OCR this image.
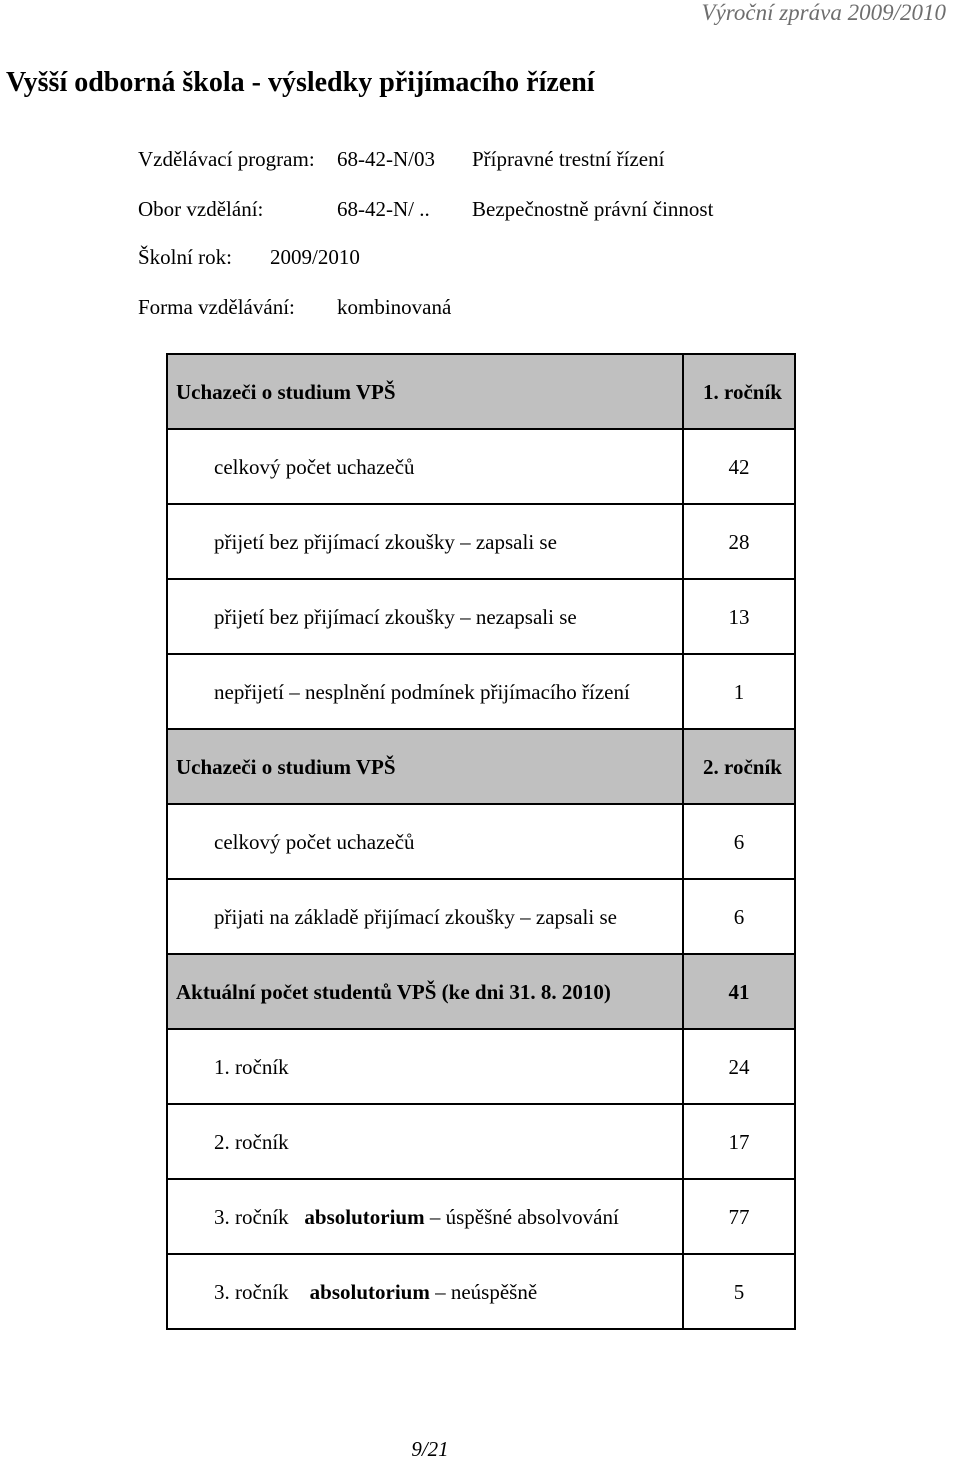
Výroční zpráva 2009/2010
Vyšší odborná škola - výsledky přijímacího řízení
Vzdělávací program: 68-42-N/03 Přípravné trestní řízení
Obor vzdělání:	68-42-N/ .. Bezpečnostně právní činnost
Školní rok: 2009/2010
Forma vzdělávání: kombinovaná
Uchazeči o studium VPŠ	1. ročník
celkový počet uchazečů	42
přijetí bez přijímací zkoušky – zapsali se	28
přijetí bez přijímací zkoušky – nezapsali se	13
nepřijetí – nesplnění podmínek přijímacího řízení	1
Uchazeči o studium VPŠ	2. ročník
celkový počet uchazečů	6
přijati na základě přijímací zkoušky – zapsali se	6
Aktuální počet studentů VPŠ (ke dni 31. 8. 2010)	41
1. ročník	24
2. ročník	17
3. ročník absolutorium – úspěšné absolvování	77
3. ročník absolutorium – neúspěšně	5
9/21
